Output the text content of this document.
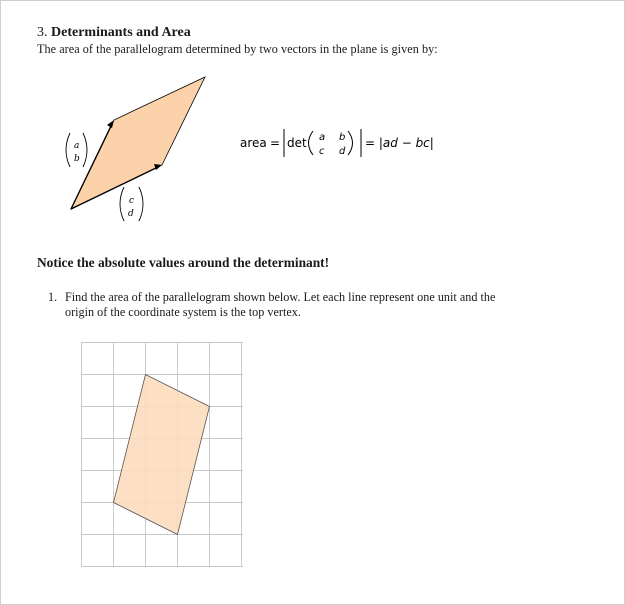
3. Determinants and Area
The area of the parallelogram determined by two vectors in the plane is given by:
a
b
c
d
area = det a b
c d
= |ad − bc|
Notice the absolute values around the determinant!
1. Find the area of the parallelogram shown below. Let each line represent one unit and the
origin of the coordinate system is the top vertex.
